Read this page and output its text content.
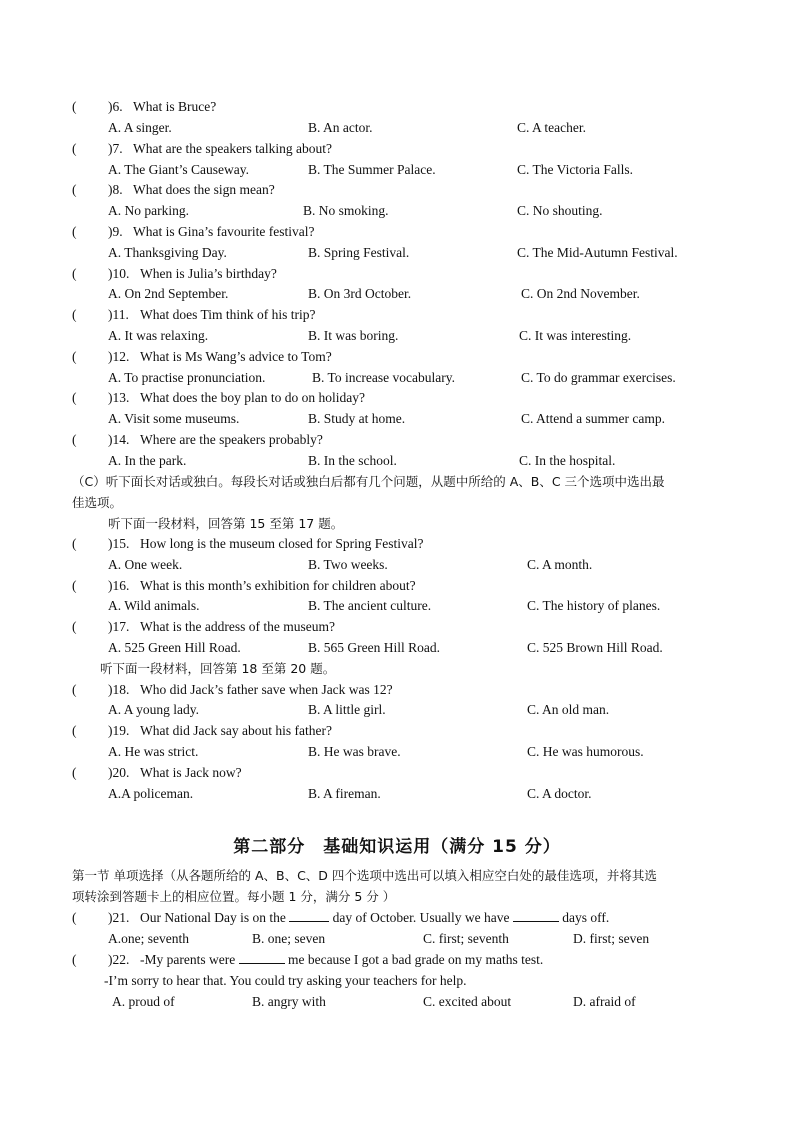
( )6. What is Bruce?
A. A singer.	B. An actor.	C. A teacher.
( )7. What are the speakers talking about?
A. The Giant’s Causeway.	B. The Summer Palace.	C. The Victoria Falls.
( )8. What does the sign mean?
A. No parking.	B. No smoking.	C. No shouting.
( )9. What is Gina’s favourite festival?
A. Thanksgiving Day.	B. Spring Festival.	C. The Mid-Autumn Festival.
( )10. When is Julia’s birthday?
A. On 2nd September.	B. On 3rd October.	C. On 2nd November.
( )11. What does Tim think of his trip?
A. It was relaxing.	B. It was boring.	C. It was interesting.
( )12. What is Ms Wang’s advice to Tom?
A. To practise pronunciation.	B. To increase vocabulary.	C. To do grammar exercises.
( )13. What does the boy plan to do on holiday?
A. Visit some museums.	B. Study at home.	C. Attend a summer camp.
( )14. Where are the speakers probably?
A. In the park.	B. In the school.	C. In the hospital.
（C）听下面长对话或独白。每段长对话或独白后都有几个问题，从题中所给的 A、B、C 三个选项中选出最
佳选项。
听下面一段材料，回答第 15 至第 17 题。
( )15. How long is the museum closed for Spring Festival?
A. One week.	B. Two weeks.	C. A month.
( )16. What is this month’s exhibition for children about?
A. Wild animals.	B. The ancient culture.	C. The history of planes.
( )17. What is the address of the museum?
A. 525 Green Hill Road.	B. 565 Green Hill Road.	C. 525 Brown Hill Road.
听下面一段材料，回答第 18 至第 20 题。
( )18. Who did Jack’s father save when Jack was 12?
A. A young lady.	B. A little girl.	C. An old man.
( )19. What did Jack say about his father?
A. He was strict.	B. He was brave.	C. He was humorous.
( )20. What is Jack now?
A.A policeman.	B. A fireman.	C. A doctor.
第二部分　基础知识运用（满分 15 分）
第一节 单项选择（从各题所给的 A、B、C、D 四个选项中选出可以填入相应空白处的最佳选项，并将其选
项转涂到答题卡上的相应位置。每小题 1 分，满分 5 分 ）
( )21. Our National Day is on the	day of October. Usually we have	days off.
A.one; seventh	B. one; seven	C. first; seventh	D. first; seven
( )22. -My parents were	me because I got a bad grade on my maths test.
-I’m sorry to hear that. You could try asking your teachers for help.
A. proud of	B. angry with	C. excited about	D. afraid of
